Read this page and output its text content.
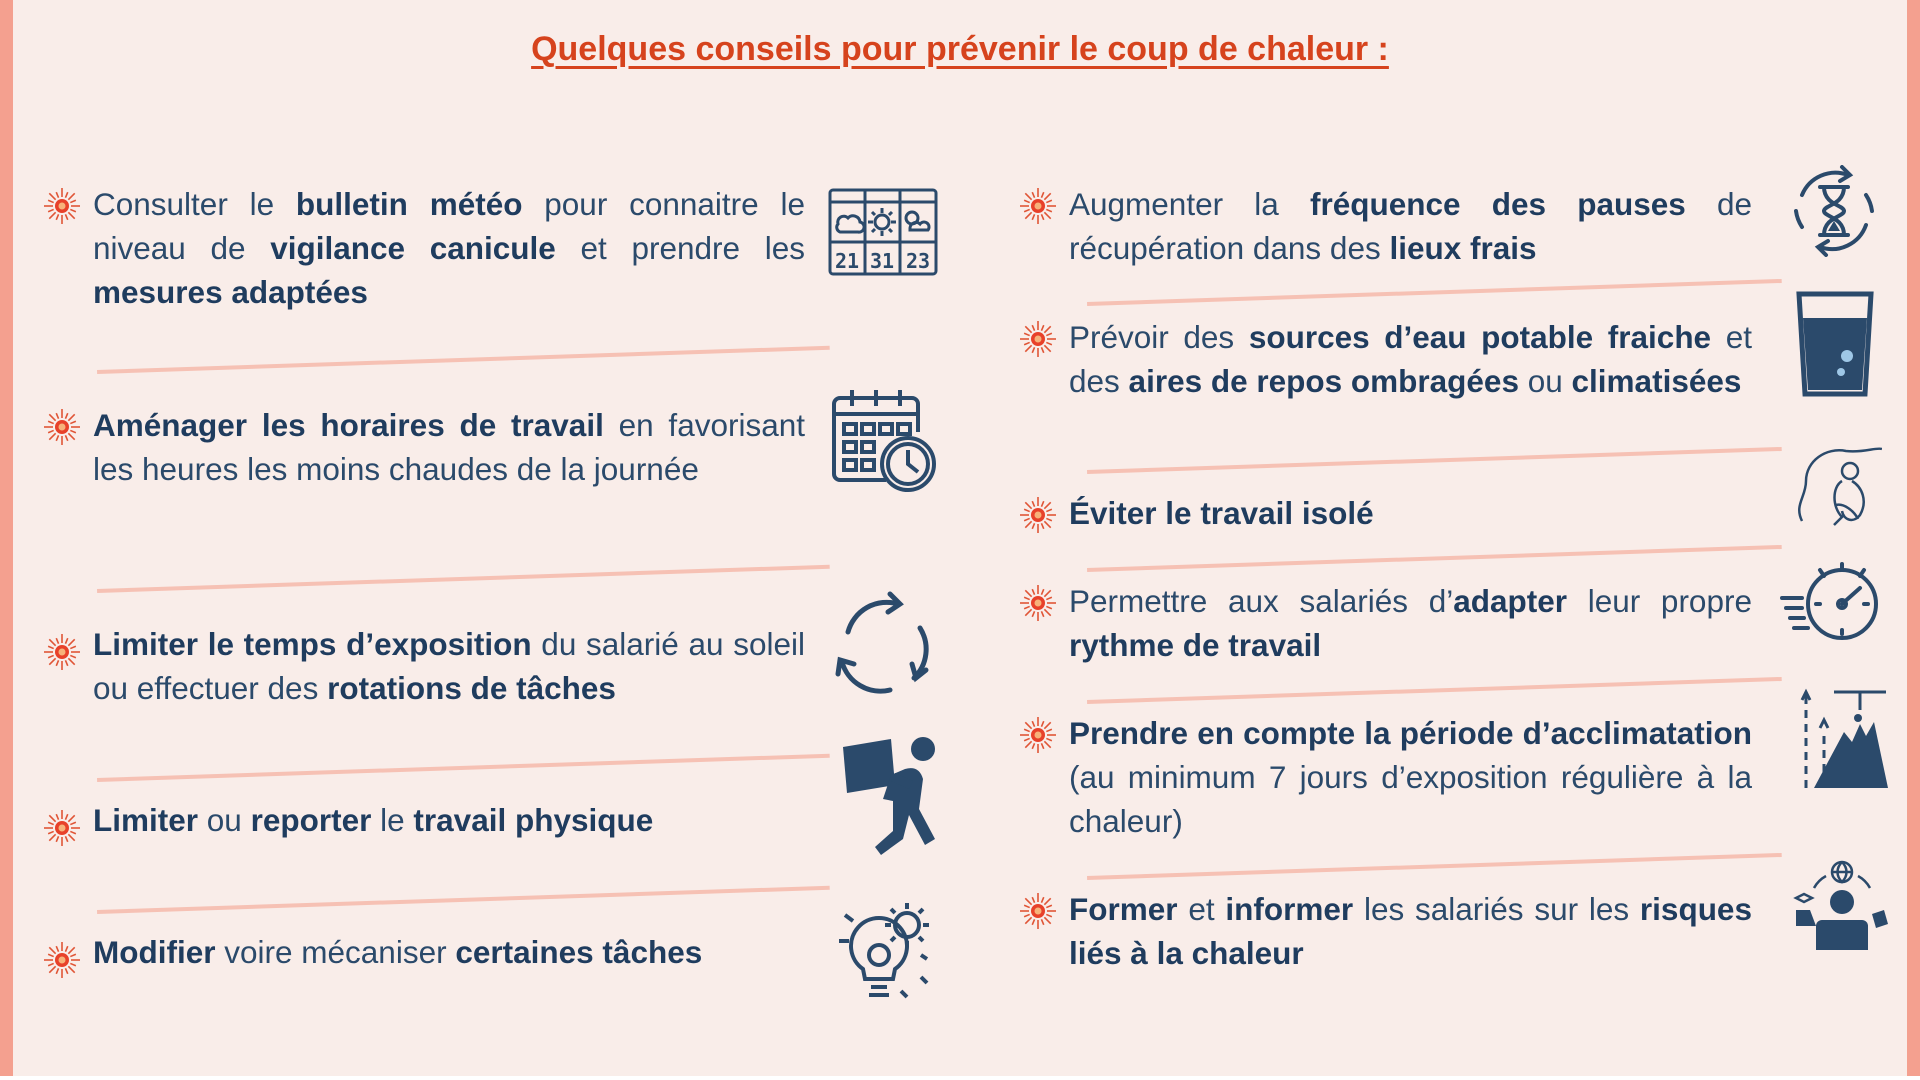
Quelques conseils pour prévenir le coup de chaleur :
Consulter le bulletin météo pour connaitre le niveau de vigilance canicule et prendre les mesures adaptées
Aménager les horaires de travail en favorisant les heures les moins chaudes de la journée
Limiter le temps d’exposition du salarié au soleil ou effectuer des rotations de tâches
Limiter ou reporter le travail physique
Modifier voire mécaniser certaines tâches
Augmenter la fréquence des pauses de récupération dans des lieux frais
Prévoir des sources d’eau potable fraiche et des aires de repos ombragées ou climatisées
Éviter le travail isolé
Permettre aux salariés d’adapter leur propre rythme de travail
Prendre en compte la période d’acclimatation (au minimum 7 jours d’exposition régulière à la chaleur)
Former et informer les salariés sur les risques liés à la chaleur
21 31 23
